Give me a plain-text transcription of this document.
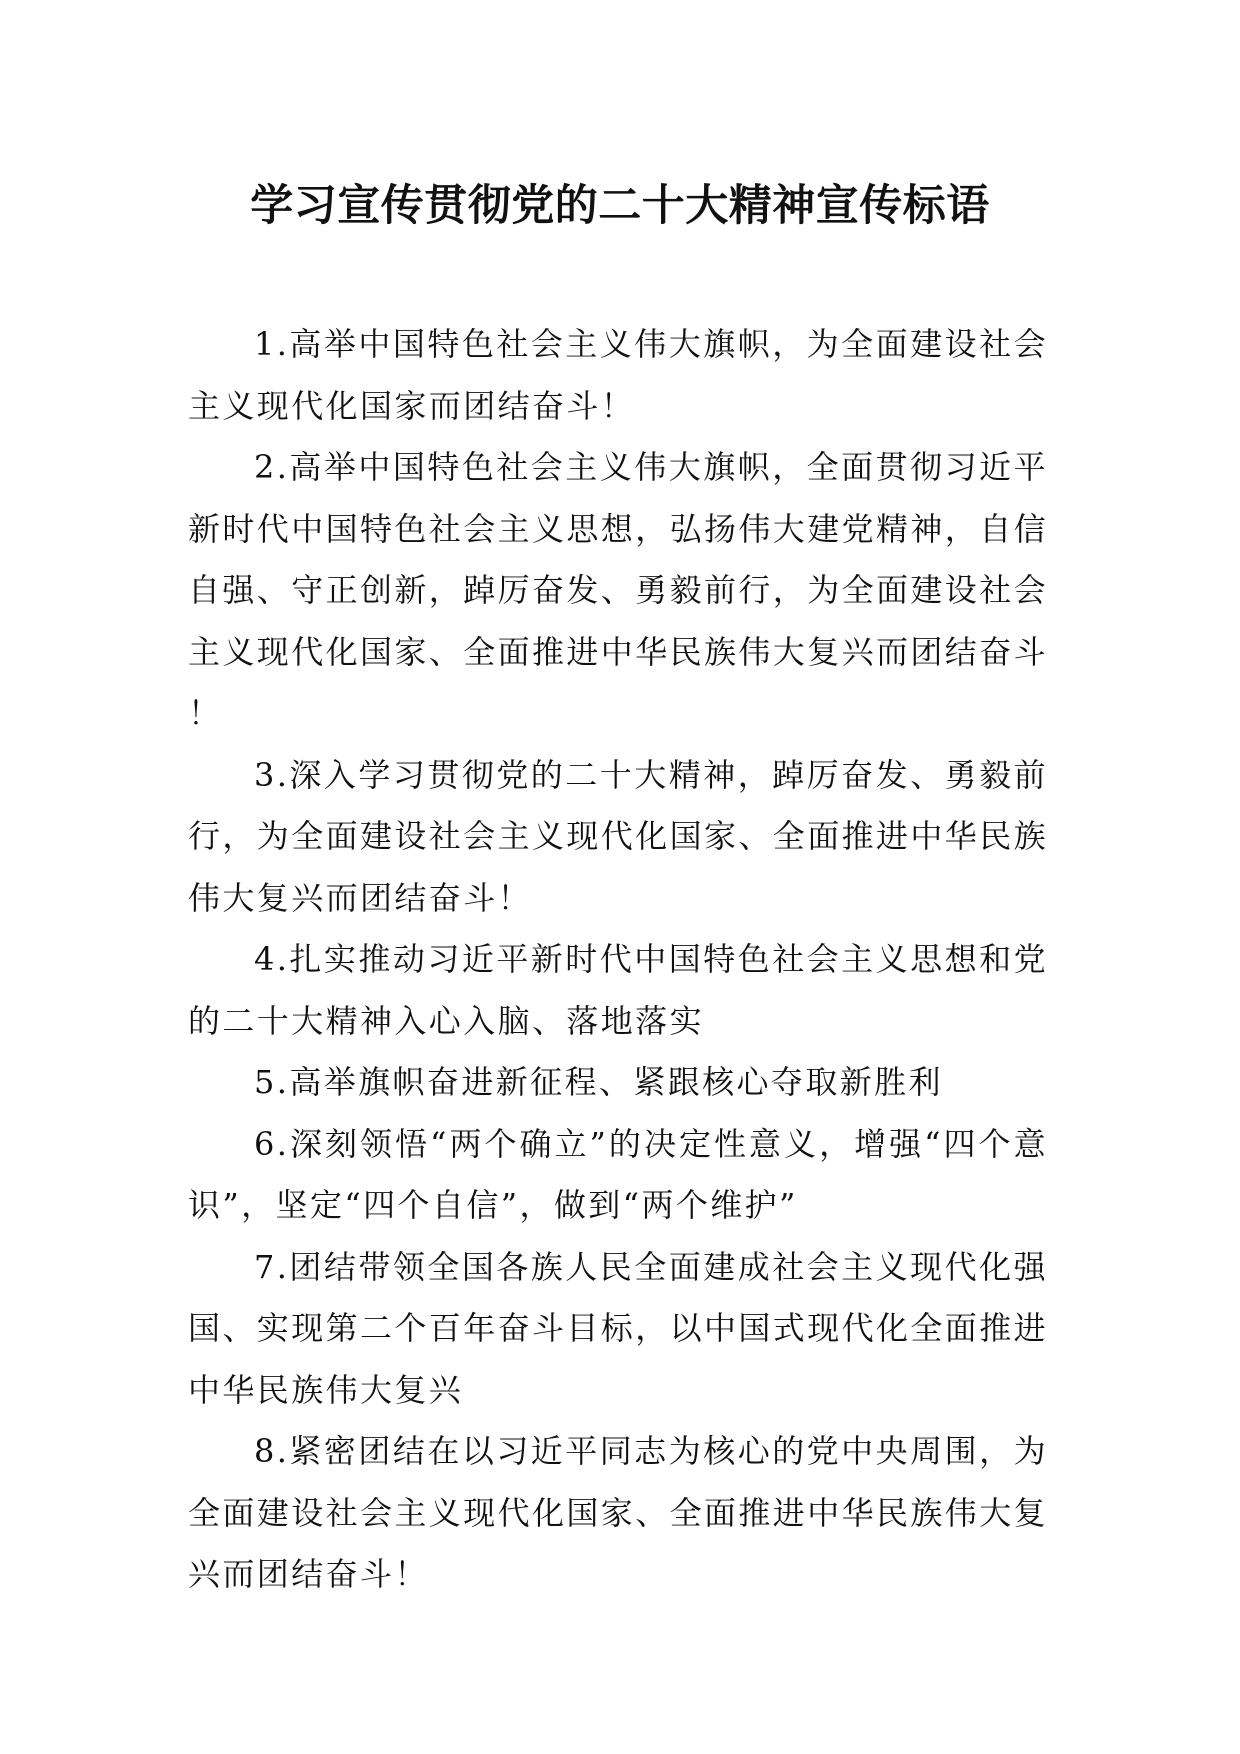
学习宣传贯彻党的二十大精神宣传标语

1.高举中国特色社会主义伟大旗帜，为全面建设社会主义现代化国家而团结奋斗！

2.高举中国特色社会主义伟大旗帜，全面贯彻习近平新时代中国特色社会主义思想，弘扬伟大建党精神，自信自强、守正创新，踔厉奋发、勇毅前行，为全面建设社会主义现代化国家、全面推进中华民族伟大复兴而团结奋斗！

3.深入学习贯彻党的二十大精神，踔厉奋发、勇毅前行，为全面建设社会主义现代化国家、全面推进中华民族伟大复兴而团结奋斗！

4.扎实推动习近平新时代中国特色社会主义思想和党的二十大精神入心入脑、落地落实

5.高举旗帜奋进新征程、紧跟核心夺取新胜利

6.深刻领悟“两个确立”的决定性意义，增强“四个意识”，坚定“四个自信”，做到“两个维护”

7.团结带领全国各族人民全面建成社会主义现代化强国、实现第二个百年奋斗目标，以中国式现代化全面推进中华民族伟大复兴

8.紧密团结在以习近平同志为核心的党中央周围，为全面建设社会主义现代化国家、全面推进中华民族伟大复兴而团结奋斗！
